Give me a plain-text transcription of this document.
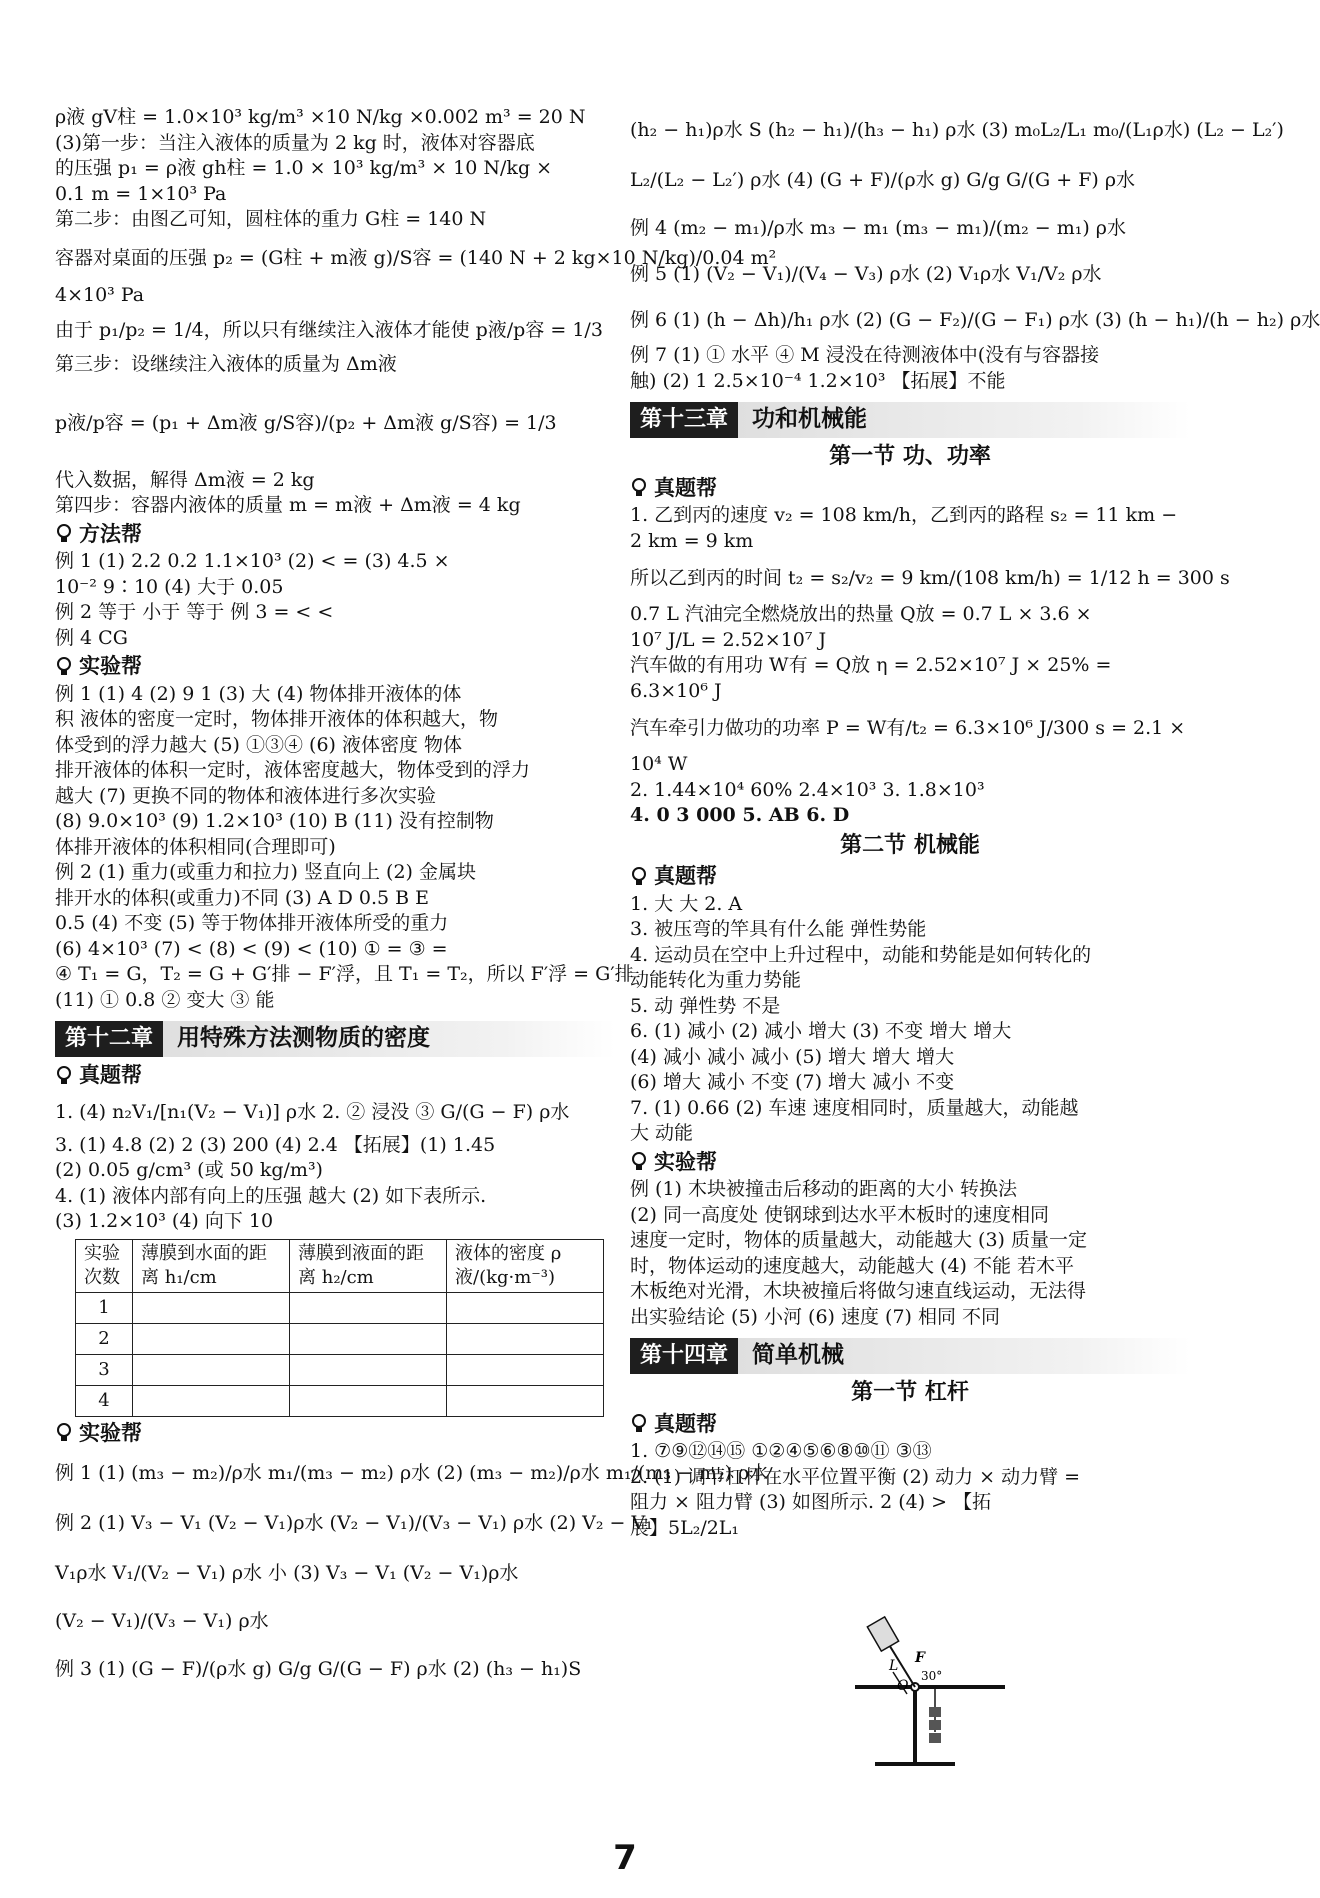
ρ液 gV柱 = 1.0×10³ kg/m³ ×10 N/kg ×0.002 m³ = 20 N
(3)第一步：当注入液体的质量为 2 kg 时，液体对容器底
的压强 p₁ = ρ液 gh柱 = 1.0 × 10³ kg/m³ × 10 N/kg ×
0.1 m = 1×10³ Pa
第二步：由图乙可知，圆柱体的重力 G柱 = 140 N
容器对桌面的压强 p₂ = (G柱 + m液 g)/S容 = (140 N + 2 kg×10 N/kg)/0.04 m²
4×10³ Pa
由于 p₁/p₂ = 1/4，所以只有继续注入液体才能使 p液/p容 = 1/3
第三步：设继续注入液体的质量为 Δm液
p液/p容 = (p₁ + Δm液 g/S容)/(p₂ + Δm液 g/S容) = 1/3
代入数据，解得 Δm液 = 2 kg
第四步：容器内液体的质量 m = m液 + Δm液 = 4 kg
方法帮
例 1 (1) 2.2 0.2 1.1×10³ (2) < = (3) 4.5 ×
10⁻² 9∶10 (4) 大于 0.05
例 2 等于 小于 等于 例 3 = < <
例 4 CG
实验帮
例 1 (1) 4 (2) 9 1 (3) 大 (4) 物体排开液体的体
积 液体的密度一定时，物体排开液体的体积越大，物
体受到的浮力越大 (5) ①③④ (6) 液体密度 物体
排开液体的体积一定时，液体密度越大，物体受到的浮力
越大 (7) 更换不同的物体和液体进行多次实验
(8) 9.0×10³ (9) 1.2×10³ (10) B (11) 没有控制物
体排开液体的体积相同(合理即可)
例 2 (1) 重力(或重力和拉力) 竖直向上 (2) 金属块
排开水的体积(或重力)不同 (3) A D 0.5 B E
0.5 (4) 不变 (5) 等于物体排开液体所受的重力
(6) 4×10³ (7) < (8) < (9) < (10) ① = ③ =
④ T₁ = G，T₂ = G + G′排 − F′浮，且 T₁ = T₂，所以 F′浮 = G′排
(11) ① 0.8 ② 变大 ③ 能
第十二章	用特殊方法测物质的密度
真题帮
1. (4) n₂V₁/[n₁(V₂ − V₁)] ρ水 2. ② 浸没 ③ G/(G − F) ρ水
3. (1) 4.8 (2) 2 (3) 200 (4) 2.4 【拓展】(1) 1.45
(2) 0.05 g/cm³ (或 50 kg/m³)
4. (1) 液体内部有向上的压强 越大 (2) 如下表所示.
(3) 1.2×10³ (4) 向下 10
实验次数	薄膜到水面的距离 h₁/cm	薄膜到液面的距离 h₂/cm	液体的密度 ρ液/(kg·m⁻³)
1			
2			
3			
4			
实验帮
例 1 (1) (m₃ − m₂)/ρ水 m₁/(m₃ − m₂) ρ水 (2) (m₃ − m₂)/ρ水 m₁/(m₃ − m₂) ρ水
例 2 (1) V₃ − V₁ (V₂ − V₁)ρ水 (V₂ − V₁)/(V₃ − V₁) ρ水 (2) V₂ − V₁
V₁ρ水 V₁/(V₂ − V₁) ρ水 小 (3) V₃ − V₁ (V₂ − V₁)ρ水
(V₂ − V₁)/(V₃ − V₁) ρ水
例 3 (1) (G − F)/(ρ水 g) G/g G/(G − F) ρ水 (2) (h₃ − h₁)S
(h₂ − h₁)ρ水 S (h₂ − h₁)/(h₃ − h₁) ρ水 (3) m₀L₂/L₁ m₀/(L₁ρ水) (L₂ − L₂′)
L₂/(L₂ − L₂′) ρ水 (4) (G + F)/(ρ水 g) G/g G/(G + F) ρ水
例 4 (m₂ − m₁)/ρ水 m₃ − m₁ (m₃ − m₁)/(m₂ − m₁) ρ水
例 5 (1) (V₂ − V₁)/(V₄ − V₃) ρ水 (2) V₁ρ水 V₁/V₂ ρ水
例 6 (1) (h − Δh)/h₁ ρ水 (2) (G − F₂)/(G − F₁) ρ水 (3) (h − h₁)/(h − h₂) ρ水
例 7 (1) ① 水平 ④ M 浸没在待测液体中(没有与容器接
触) (2) 1 2.5×10⁻⁴ 1.2×10³ 【拓展】不能
第十三章	功和机械能
第一节 功、功率
真题帮
1. 乙到丙的速度 v₂ = 108 km/h，乙到丙的路程 s₂ = 11 km −
2 km = 9 km
所以乙到丙的时间 t₂ = s₂/v₂ = 9 km/(108 km/h) = 1/12 h = 300 s
0.7 L 汽油完全燃烧放出的热量 Q放 = 0.7 L × 3.6 ×
10⁷ J/L = 2.52×10⁷ J
汽车做的有用功 W有 = Q放 η = 2.52×10⁷ J × 25% =
6.3×10⁶ J
汽车牵引力做功的功率 P = W有/t₂ = 6.3×10⁶ J/300 s = 2.1 ×
10⁴ W
2. 1.44×10⁴ 60% 2.4×10³ 3. 1.8×10³
4. 0 3 000 5. AB 6. D
第二节 机械能
真题帮
1. 大 大 2. A
3. 被压弯的竿具有什么能 弹性势能
4. 运动员在空中上升过程中，动能和势能是如何转化的
动能转化为重力势能
5. 动 弹性势 不是
6. (1) 减小 (2) 减小 增大 (3) 不变 增大 增大
(4) 减小 减小 减小 (5) 增大 增大 增大
(6) 增大 减小 不变 (7) 增大 减小 不变
7. (1) 0.66 (2) 车速 速度相同时，质量越大，动能越
大 动能
实验帮
例 (1) 木块被撞击后移动的距离的大小 转换法
(2) 同一高度处 使钢球到达水平木板时的速度相同
速度一定时，物体的质量越大，动能越大 (3) 质量一定
时，物体运动的速度越大，动能越大 (4) 不能 若木平
木板绝对光滑，木块被撞后将做匀速直线运动，无法得
出实验结论 (5) 小河 (6) 速度 (7) 相同 不同
第十四章	简单机械
第一节 杠杆
真题帮
1. ⑦⑨⑫⑭⑮ ①②④⑤⑥⑧⑩⑪ ③⑬
2. (1) 调节杠杆在水平位置平衡 (2) 动力 × 动力臂 =
阻力 × 阻力臂 (3) 如图所示. 2 (4) > 【拓
展】5L₂/2L₁
L F
O
30°
7
